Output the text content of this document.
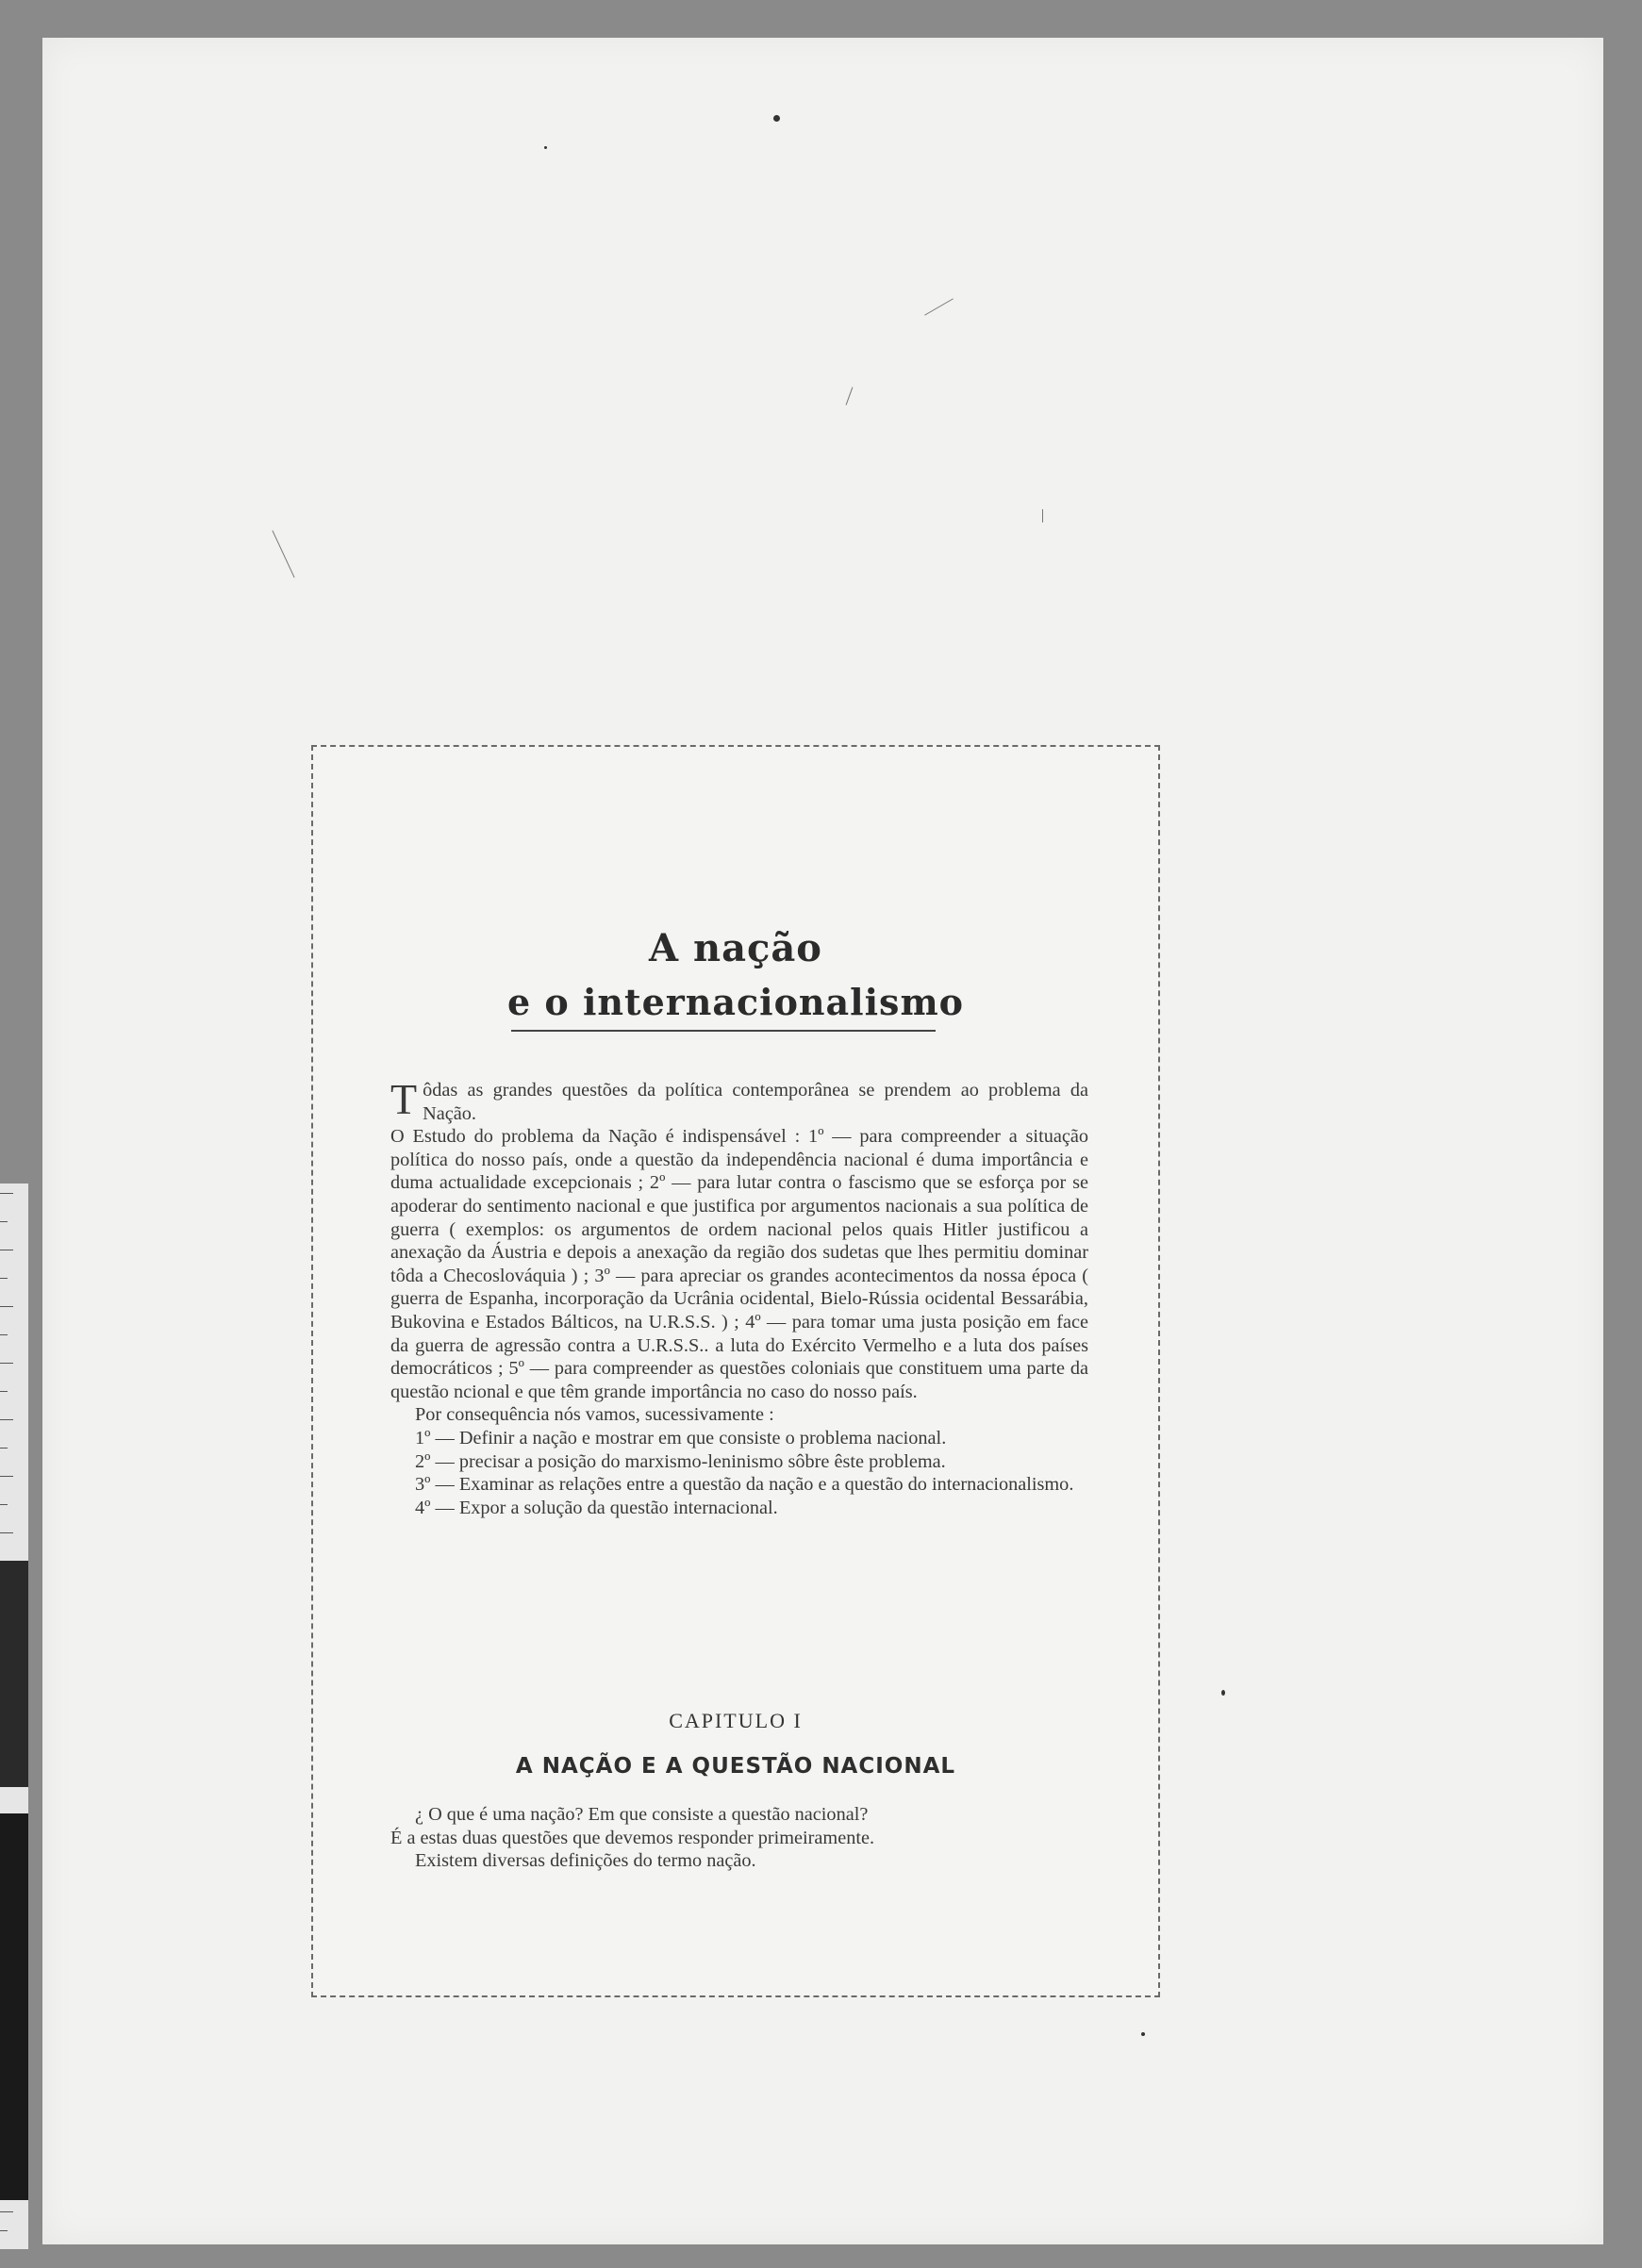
A nação
e o internacionalismo

Tôdas as grandes questões da política contemporânea se prendem ao problema da Nação.

O Estudo do problema da Nação é indispensável : 1º — para compreender a situação política do nosso país, onde a questão da independência nacional é duma importância e duma actualidade excepcionais ; 2º — para lutar contra o fascismo que se esforça por se apoderar do sentimento nacional e que justifica por argumentos nacionais a sua política de guerra ( exemplos: os argumentos de ordem nacional pelos quais Hitler justificou a anexação da Áustria e depois a anexação da região dos sudetas que lhes permitiu dominar tôda a Checoslováquia ) ; 3º — para apreciar os grandes acontecimentos da nossa época ( guerra de Espanha, incorporação da Ucrânia ocidental, Bielo-Rússia ocidental Bessarábia, Bukovina e Estados Bálticos, na U.R.S.S. ) ; 4º — para tomar uma justa posição em face da guerra de agressão contra a U.R.S.S.. a luta do Exército Vermelho e a luta dos países democráticos ; 5º — para compreender as questões coloniais que constituem uma parte da questão ncional e que têm grande importância no caso do nosso país.

Por consequência nós vamos, sucessivamente :

1º — Definir a nação e mostrar em que consiste o problema nacional.

2º — precisar a posição do marxismo-leninismo sôbre êste problema.

3º — Examinar as relações entre a questão da nação e a questão do internacionalismo.

4º — Expor a solução da questão internacional.

CAPITULO I
A NAÇÃO E A QUESTÃO NACIONAL

¿ O que é uma nação? Em que consiste a questão nacional?

É a estas duas questões que devemos responder primeiramente.

Existem diversas definições do termo nação.
